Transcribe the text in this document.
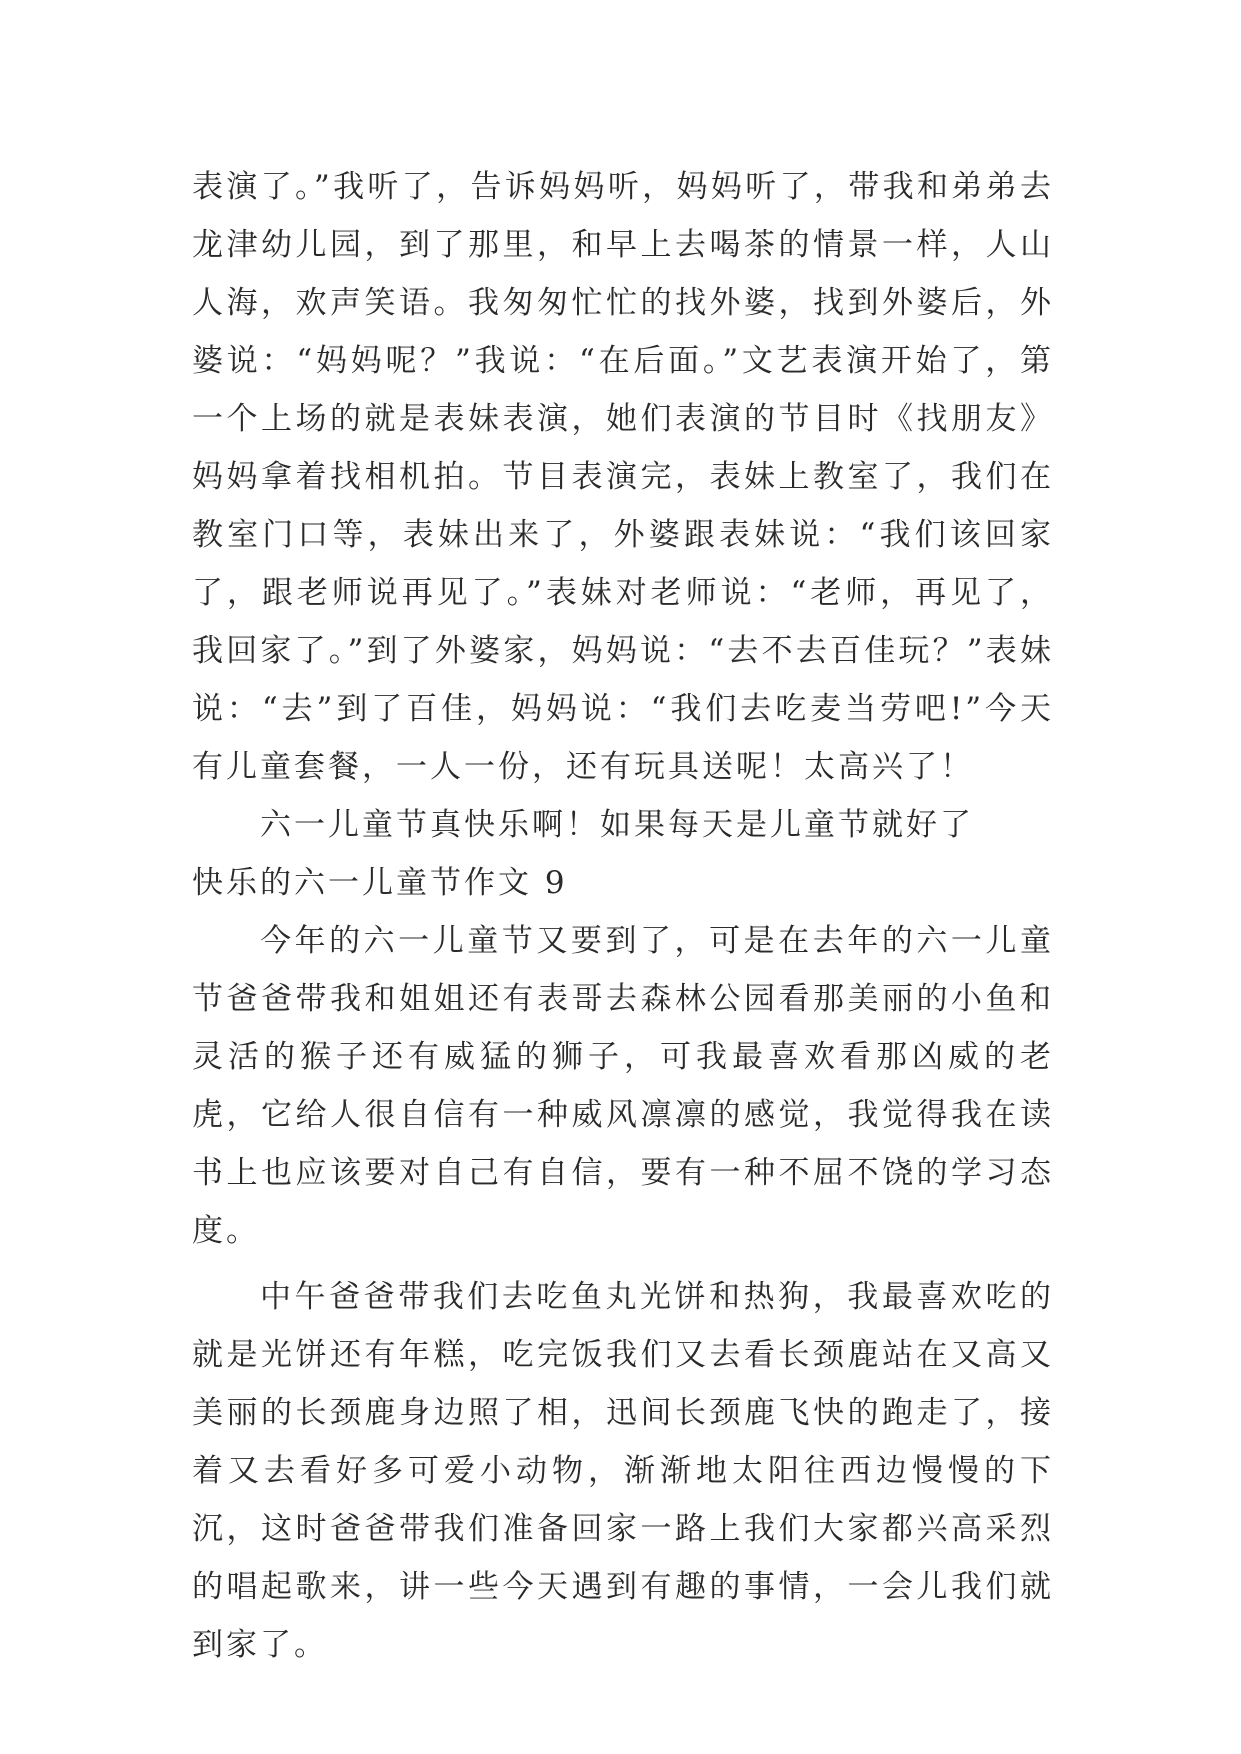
表演了。”我听了，告诉妈妈听，妈妈听了，带我和弟弟去龙津幼儿园，到了那里，和早上去喝茶的情景一样，人山人海，欢声笑语。我匆匆忙忙的找外婆，找到外婆后，外婆说：“妈妈呢？”我说：“在后面。”文艺表演开始了，第一个上场的就是表妹表演，她们表演的节目时《找朋友》妈妈拿着找相机拍。节目表演完，表妹上教室了，我们在教室门口等，表妹出来了，外婆跟表妹说：“我们该回家了，跟老师说再见了。”表妹对老师说：“老师，再见了，我回家了。”到了外婆家，妈妈说：“去不去百佳玩？”表妹说：“去”到了百佳，妈妈说：“我们去吃麦当劳吧!”今天有儿童套餐，一人一份，还有玩具送呢！太高兴了！

六一儿童节真快乐啊！如果每天是儿童节就好了

快乐的六一儿童节作文 9

今年的六一儿童节又要到了，可是在去年的六一儿童节爸爸带我和姐姐还有表哥去森林公园看那美丽的小鱼和灵活的猴子还有威猛的狮子，可我最喜欢看那凶威的老虎，它给人很自信有一种威风凛凛的感觉，我觉得我在读书上也应该要对自己有自信，要有一种不屈不饶的学习态度。

中午爸爸带我们去吃鱼丸光饼和热狗，我最喜欢吃的就是光饼还有年糕，吃完饭我们又去看长颈鹿站在又高又美丽的长颈鹿身边照了相，迅间长颈鹿飞快的跑走了，接着又去看好多可爱小动物，渐渐地太阳往西边慢慢的下沉，这时爸爸带我们准备回家一路上我们大家都兴高采烈的唱起歌来，讲一些今天遇到有趣的事情，一会儿我们就到家了。
